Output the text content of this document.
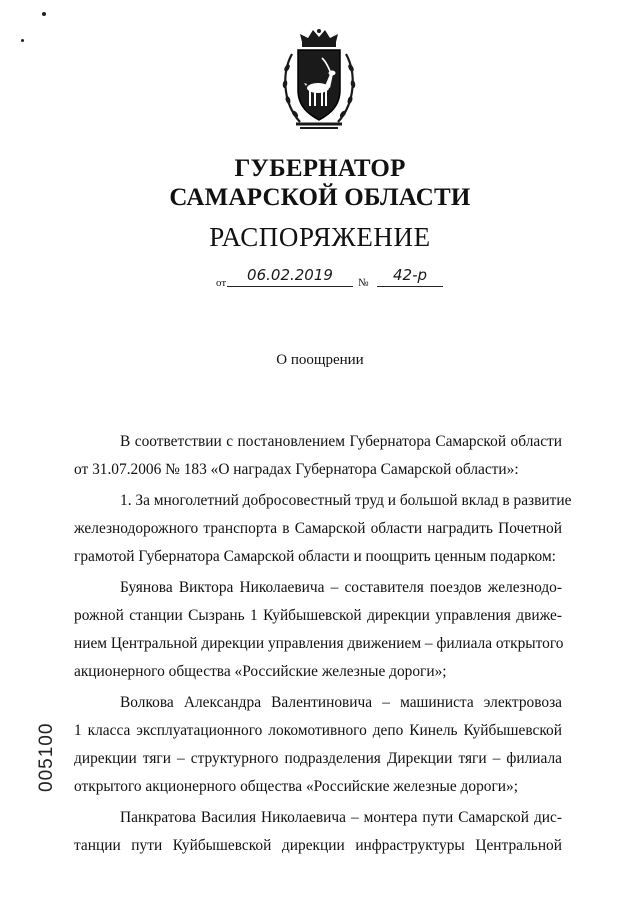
ГУБЕРНАТОР
САМАРСКОЙ ОБЛАСТИ
РАСПОРЯЖЕНИЕ
от	06.02.2019	№	42-р
О поощрении
В соответствии с постановлением Губернатора Самарской области
от 31.07.2006 № 183 «О наградах Губернатора Самарской области»:
1. За многолетний добросовестный труд и большой вклад в развитие
железнодорожного транспорта в Самарской области наградить Почетной
грамотой Губернатора Самарской области и поощрить ценным подарком:
Буянова Виктора Николаевича – составителя поездов железнодо-
рожной станции Сызрань 1 Куйбышевской дирекции управления движе-
нием Центральной дирекции управления движением – филиала открытого
акционерного общества «Российские железные дороги»;
Волкова Александра Валентиновича – машиниста электровоза
1 класса эксплуатационного локомотивного депо Кинель Куйбышевской
дирекции тяги – структурного подразделения Дирекции тяги – филиала
открытого акционерного общества «Российские железные дороги»;
Панкратова Василия Николаевича – монтера пути Самарской дис-
танции пути Куйбышевской дирекции инфраструктуры Центральной
005100
